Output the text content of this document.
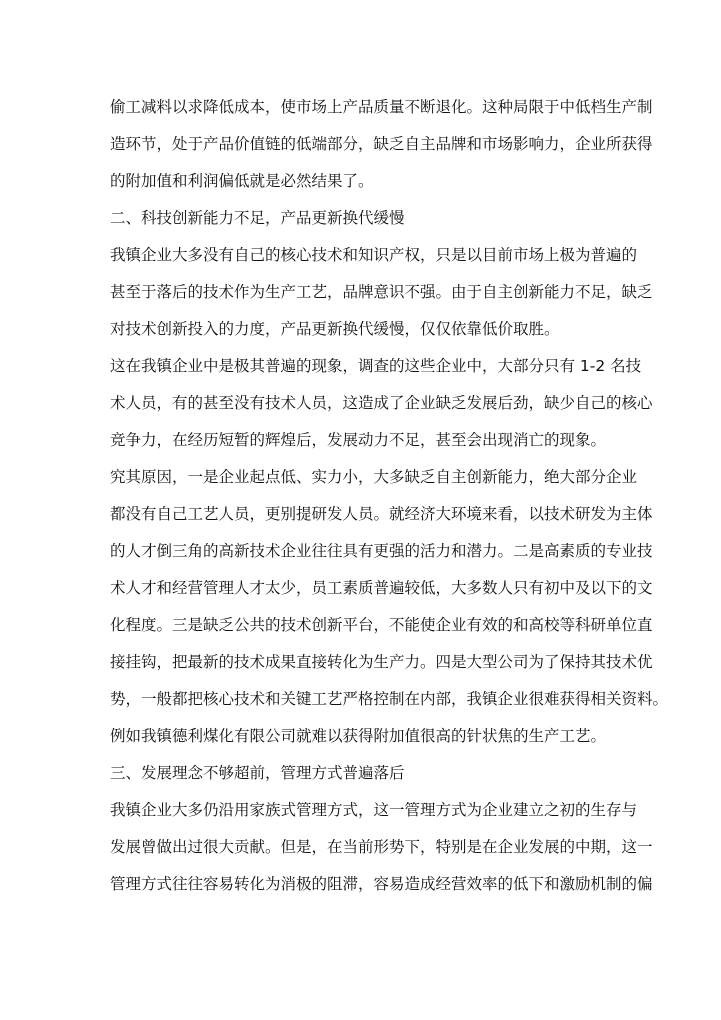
偷工减料以求降低成本，使市场上产品质量不断退化。这种局限于中低档生产制
造环节，处于产品价值链的低端部分，缺乏自主品牌和市场影响力，企业所获得
的附加值和利润偏低就是必然结果了。
二、科技创新能力不足，产品更新换代缓慢
我镇企业大多没有自己的核心技术和知识产权，只是以目前市场上极为普遍的
甚至于落后的技术作为生产工艺，品牌意识不强。由于自主创新能力不足，缺乏
对技术创新投入的力度，产品更新换代缓慢，仅仅依靠低价取胜。
这在我镇企业中是极其普遍的现象，调查的这些企业中，大部分只有 1-2 名技
术人员，有的甚至没有技术人员，这造成了企业缺乏发展后劲，缺少自己的核心
竞争力，在经历短暂的辉煌后，发展动力不足，甚至会出现消亡的现象。
究其原因，一是企业起点低、实力小，大多缺乏自主创新能力，绝大部分企业
都没有自己工艺人员，更别提研发人员。就经济大环境来看，以技术研发为主体
的人才倒三角的高新技术企业往往具有更强的活力和潜力。二是高素质的专业技
术人才和经营管理人才太少，员工素质普遍较低，大多数人只有初中及以下的文
化程度。三是缺乏公共的技术创新平台，不能使企业有效的和高校等科研单位直
接挂钩，把最新的技术成果直接转化为生产力。四是大型公司为了保持其技术优
势，一般都把核心技术和关键工艺严格控制在内部，我镇企业很难获得相关资料。
例如我镇德利煤化有限公司就难以获得附加值很高的针状焦的生产工艺。
三、发展理念不够超前，管理方式普遍落后
我镇企业大多仍沿用家族式管理方式，这一管理方式为企业建立之初的生存与
发展曾做出过很大贡献。但是，在当前形势下，特别是在企业发展的中期，这一
管理方式往往容易转化为消极的阻滞，容易造成经营效率的低下和激励机制的偏
